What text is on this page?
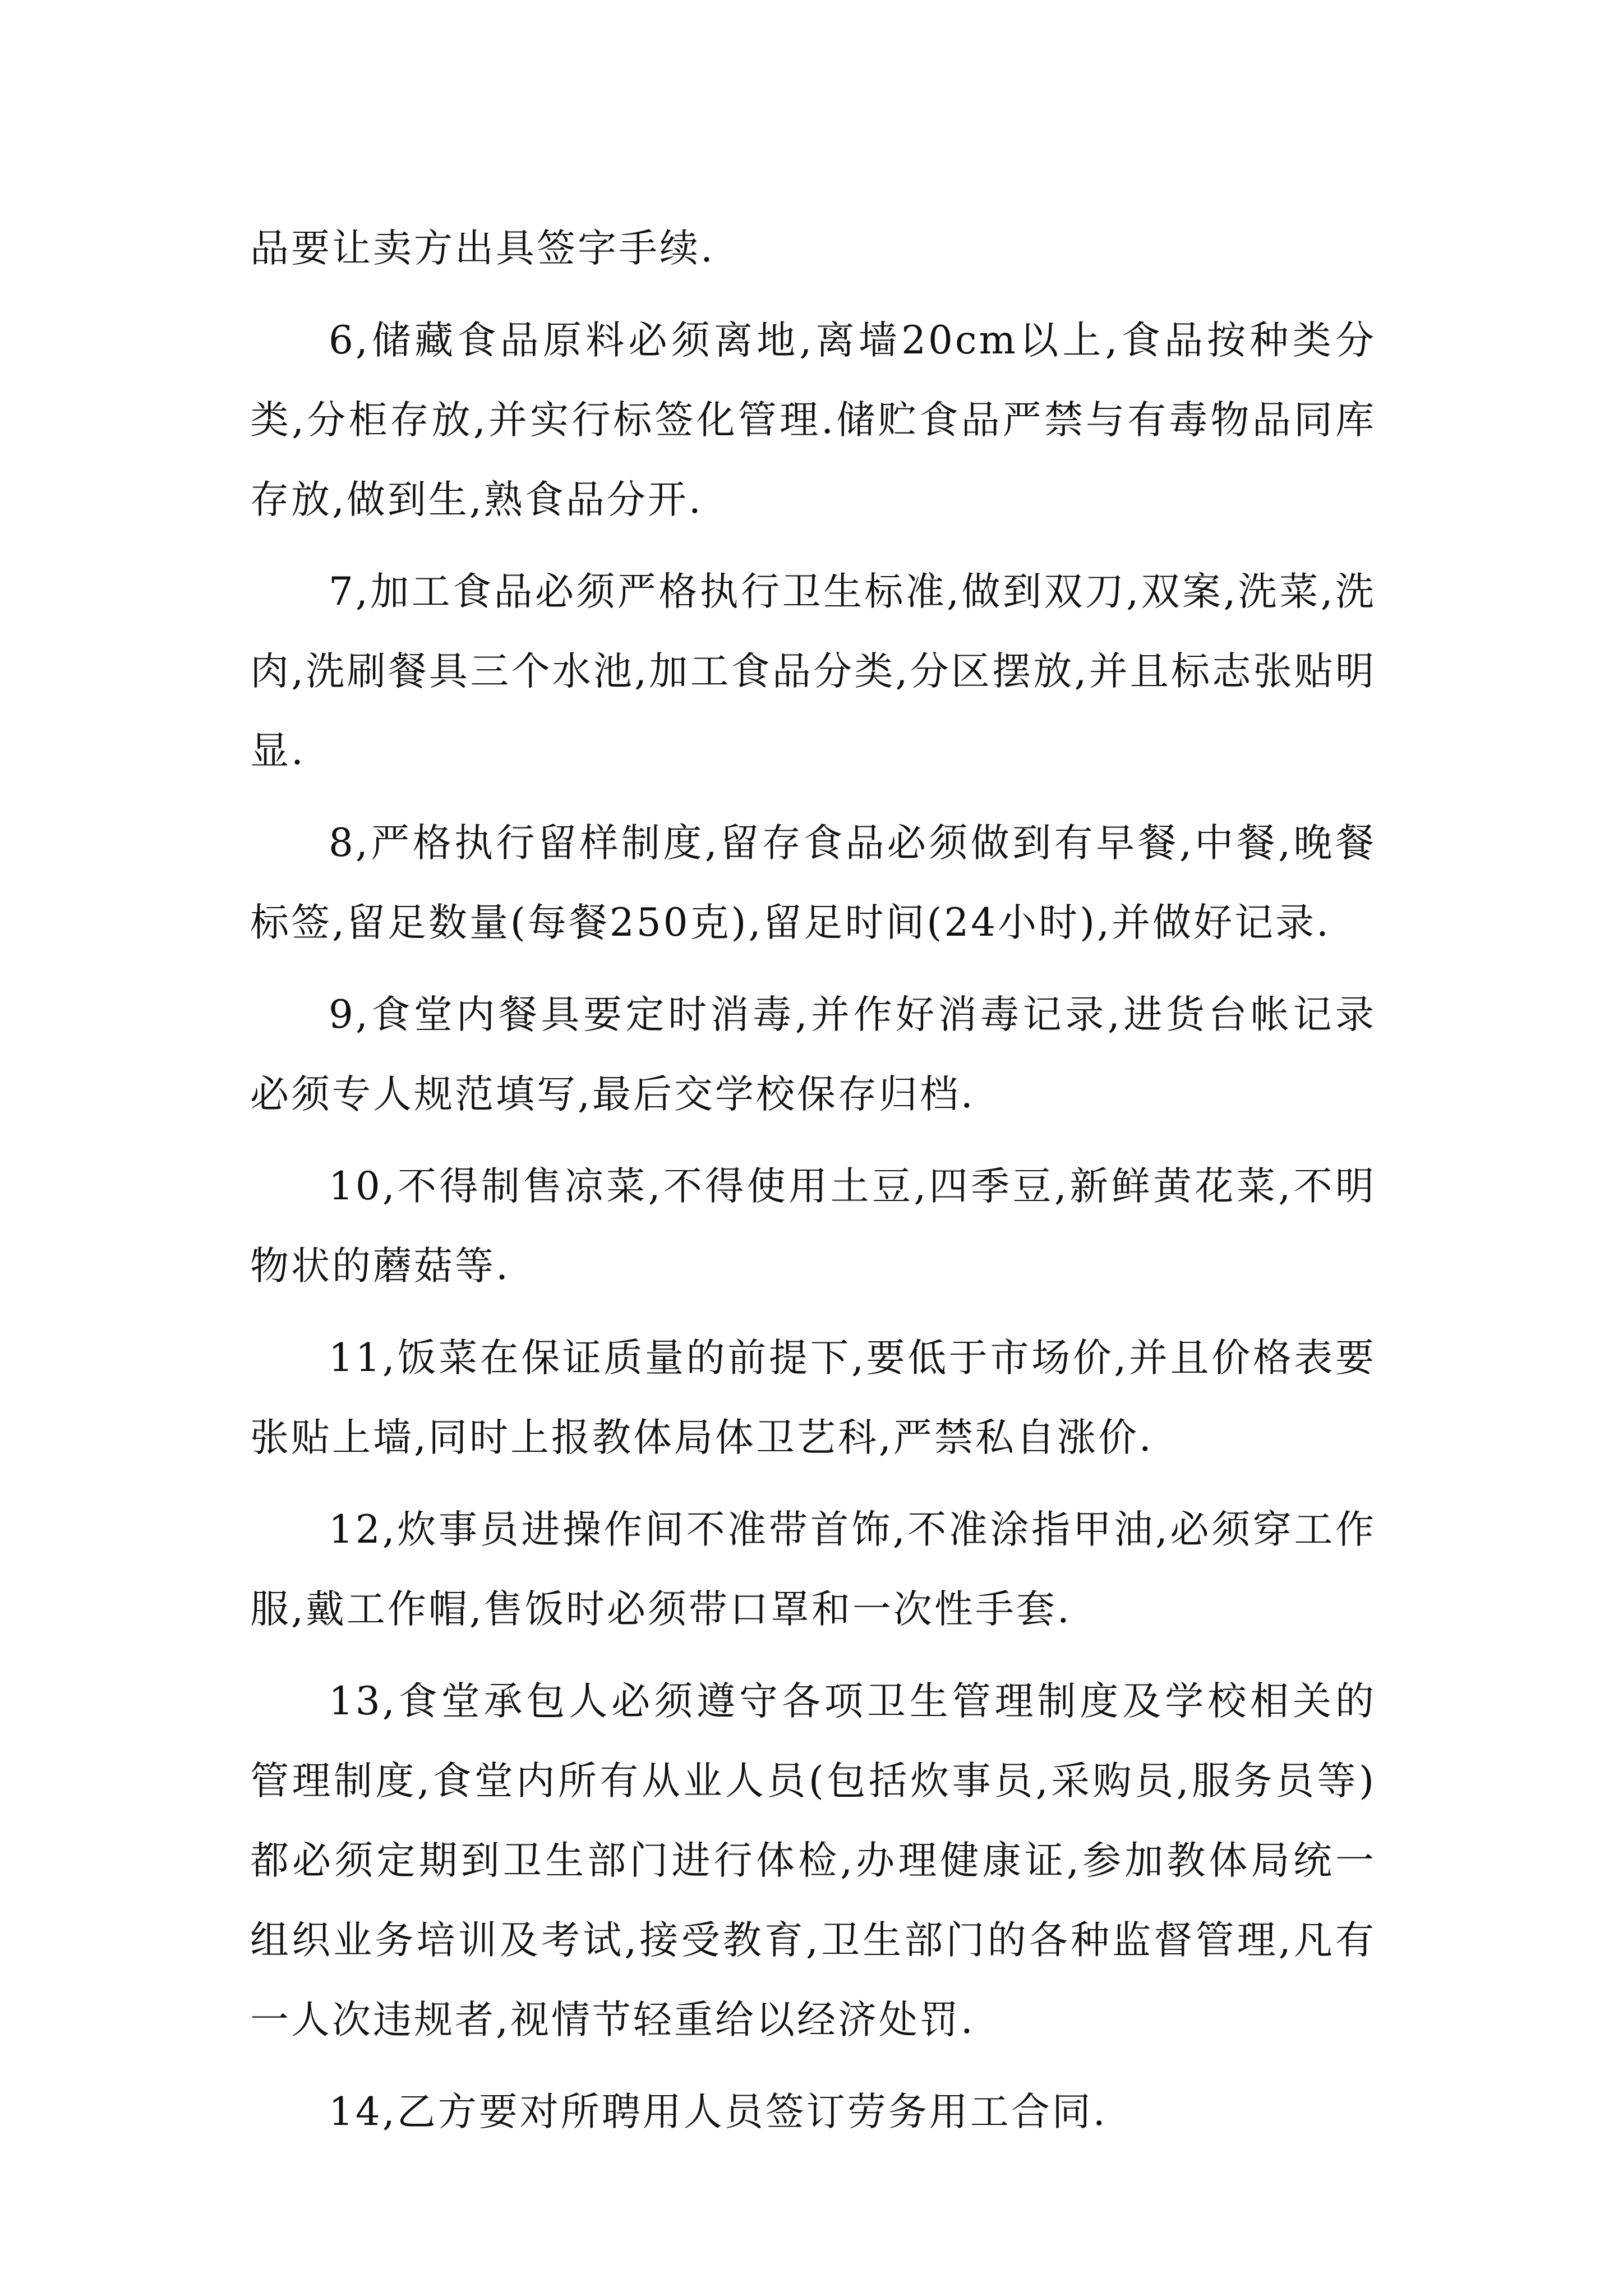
品要让卖方出具签字手续.

6,储藏食品原料必须离地,离墙20cm以上,食品按种类分类,分柜存放,并实行标签化管理.储贮食品严禁与有毒物品同库存放,做到生,熟食品分开.

7,加工食品必须严格执行卫生标准,做到双刀,双案,洗菜,洗肉,洗刷餐具三个水池,加工食品分类,分区摆放,并且标志张贴明显.

8,严格执行留样制度,留存食品必须做到有早餐,中餐,晚餐标签,留足数量(每餐250克),留足时间(24小时),并做好记录.

9,食堂内餐具要定时消毒,并作好消毒记录,进货台帐记录必须专人规范填写,最后交学校保存归档.

10,不得制售凉菜,不得使用土豆,四季豆,新鲜黄花菜,不明物状的蘑菇等.

11,饭菜在保证质量的前提下,要低于市场价,并且价格表要张贴上墙,同时上报教体局体卫艺科,严禁私自涨价.

12,炊事员进操作间不准带首饰,不准涂指甲油,必须穿工作服,戴工作帽,售饭时必须带口罩和一次性手套.

13,食堂承包人必须遵守各项卫生管理制度及学校相关的管理制度,食堂内所有从业人员(包括炊事员,采购员,服务员等)都必须定期到卫生部门进行体检,办理健康证,参加教体局统一组织业务培训及考试,接受教育,卫生部门的各种监督管理,凡有一人次违规者,视情节轻重给以经济处罚.

14,乙方要对所聘用人员签订劳务用工合同.
